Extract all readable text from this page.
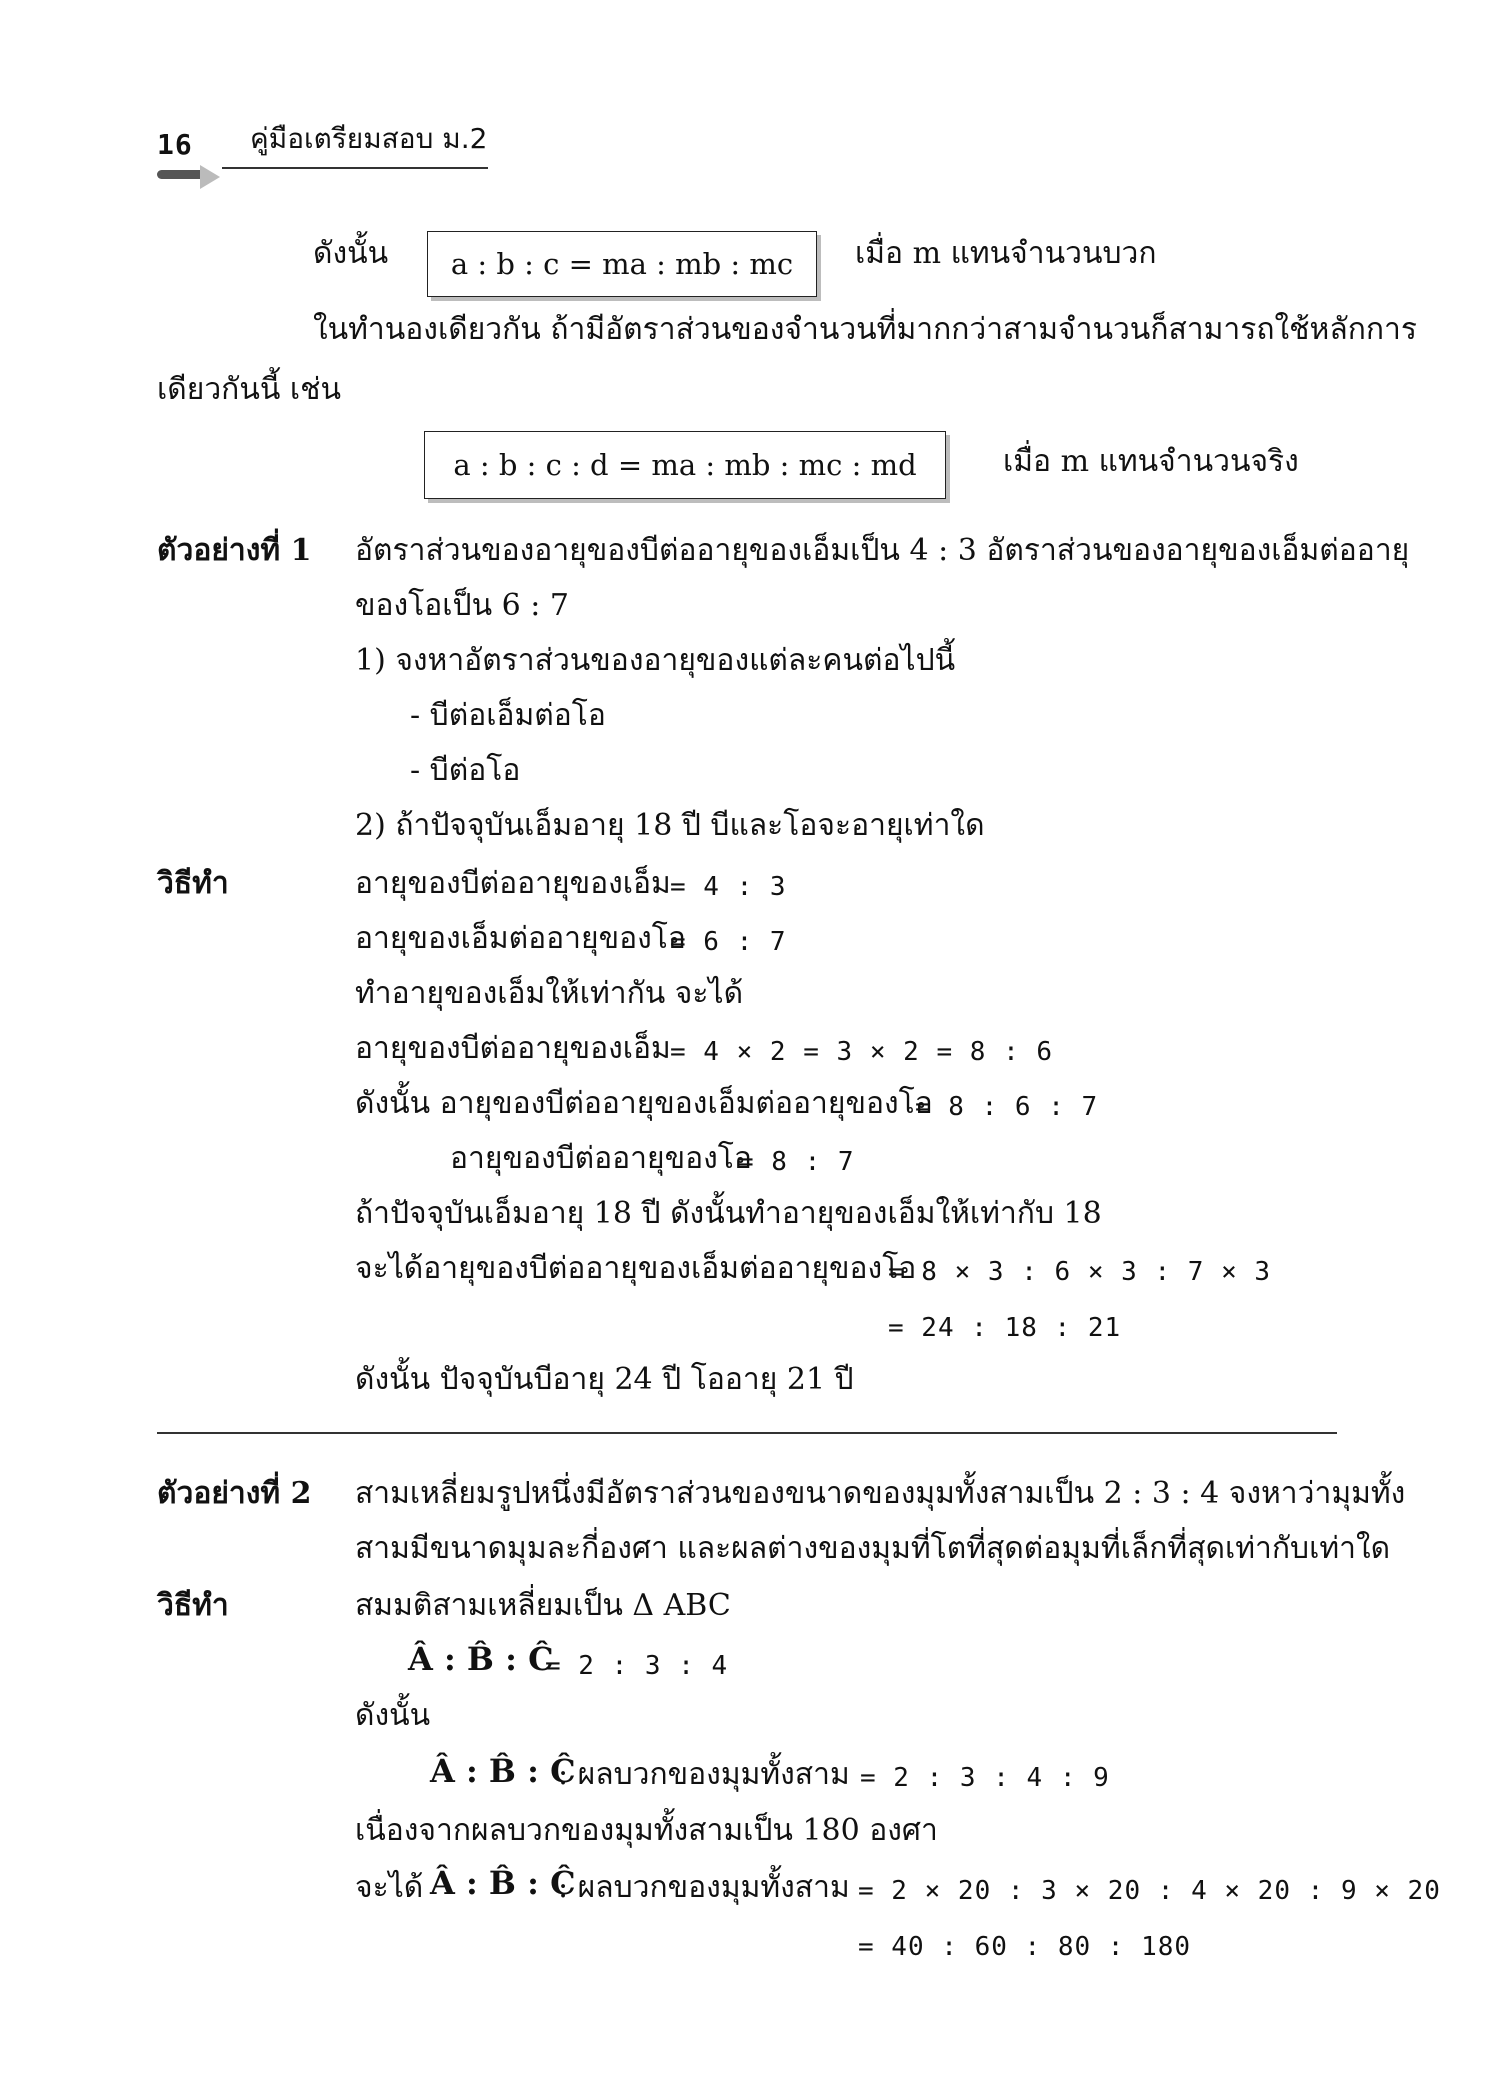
16 คู่มือเตรียมสอบ ม.2
ดังนั้น a : b : c = ma : mb : mc เมื่อ m แทนจำนวนบวก
ในทำนองเดียวกัน ถ้ามีอัตราส่วนของจำนวนที่มากกว่าสามจำนวนก็สามารถใช้หลักการ
เดียวกันนี้ เช่น
a : b : c : d = ma : mb : mc : md	เมื่อ m แทนจำนวนจริง
ตัวอย่างที่ 1 อัตราส่วนของอายุของบีต่ออายุของเอ็มเป็น 4 : 3 อัตราส่วนของอายุของเอ็มต่ออายุ
ของโอเป็น 6 : 7
1) จงหาอัตราส่วนของอายุของแต่ละคนต่อไปนี้
- บีต่อเอ็มต่อโอ
- บีต่อโอ
2) ถ้าปัจจุบันเอ็มอายุ 18 ปี บีและโอจะอายุเท่าใด
วิธีทำ	อายุของบีต่ออายุของเอ็ม = 4 : 3
อายุของเอ็มต่ออายุของโอ
= 6 : 7
ทำอายุของเอ็มให้เท่ากัน จะได้
อายุของบีต่ออายุของเอ็ม = 4 × 2 = 3 × 2 = 8 : 6
ดังนั้น อายุของบีต่ออายุของเอ็มต่ออายุของโอ
= 8 : 6 : 7
อายุของบีต่ออายุของโอ
= 8 : 7
ถ้าปัจจุบันเอ็มอายุ 18 ปี ดังนั้นทำอายุของเอ็มให้เท่ากับ 18
จะได้อายุของบีต่ออายุของเอ็มต่ออายุของโอ
= 8 × 3 : 6 × 3 : 7 × 3
= 24 : 18 : 21
ดังนั้น ปัจจุบันบีอายุ 24 ปี โออายุ 21 ปี
ตัวอย่างที่ 2 สามเหลี่ยมรูปหนึ่งมีอัตราส่วนของขนาดของมุมทั้งสามเป็น 2 : 3 : 4 จงหาว่ามุมทั้ง
สามมีขนาดมุมละกี่องศา และผลต่างของมุมที่โตที่สุดต่อมุมที่เล็กที่สุดเท่ากับเท่าใด
วิธีทำ	สมมติสามเหลี่ยมเป็น Δ ABC
Â : B̂ : Ĉ
= 2 : 3 : 4
ดังนั้น
Â : B̂ : Ĉ
: ผลบวกของมุมทั้งสาม = 2 : 3 : 4 : 9
เนื่องจากผลบวกของมุมทั้งสามเป็น 180 องศา
จะได้ Â : B̂ : Ĉ
: ผลบวกของมุมทั้งสาม = 2 × 20 : 3 × 20 : 4 × 20 : 9 × 20
= 40 : 60 : 80 : 180
